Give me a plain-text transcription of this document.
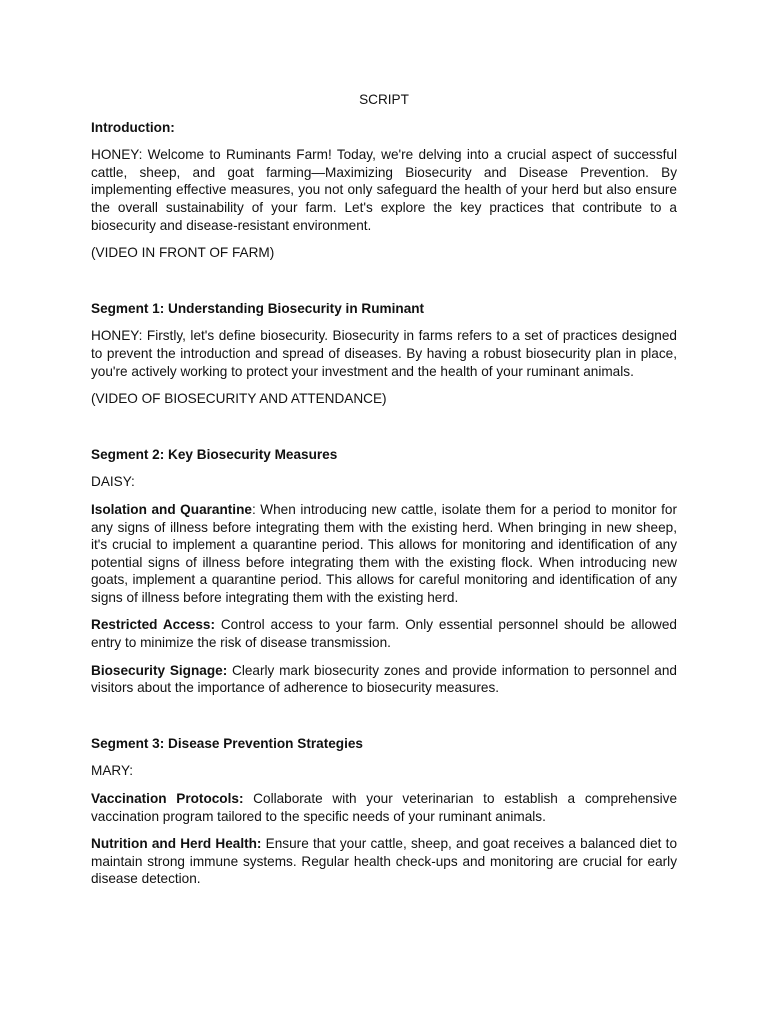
SCRIPT

Introduction:

HONEY: Welcome to Ruminants Farm! Today, we're delving into a crucial aspect of successful cattle, sheep, and goat farming—Maximizing Biosecurity and Disease Prevention. By implementing effective measures, you not only safeguard the health of your herd but also ensure the overall sustainability of your farm. Let's explore the key practices that contribute to a biosecurity and disease-resistant environment.

(VIDEO IN FRONT OF FARM)

Segment 1: Understanding Biosecurity in Ruminant

HONEY: Firstly, let's define biosecurity. Biosecurity in farms refers to a set of practices designed to prevent the introduction and spread of diseases. By having a robust biosecurity plan in place, you're actively working to protect your investment and the health of your ruminant animals.

(VIDEO OF BIOSECURITY AND ATTENDANCE)

Segment 2: Key Biosecurity Measures

DAISY:

Isolation and Quarantine: When introducing new cattle, isolate them for a period to monitor for any signs of illness before integrating them with the existing herd. When bringing in new sheep, it's crucial to implement a quarantine period. This allows for monitoring and identification of any potential signs of illness before integrating them with the existing flock. When introducing new goats, implement a quarantine period. This allows for careful monitoring and identification of any signs of illness before integrating them with the existing herd.

Restricted Access: Control access to your farm. Only essential personnel should be allowed entry to minimize the risk of disease transmission.

Biosecurity Signage: Clearly mark biosecurity zones and provide information to personnel and visitors about the importance of adherence to biosecurity measures.

Segment 3: Disease Prevention Strategies

MARY:

Vaccination Protocols: Collaborate with your veterinarian to establish a comprehensive vaccination program tailored to the specific needs of your ruminant animals.

Nutrition and Herd Health: Ensure that your cattle, sheep, and goat receives a balanced diet to maintain strong immune systems. Regular health check-ups and monitoring are crucial for early disease detection.
